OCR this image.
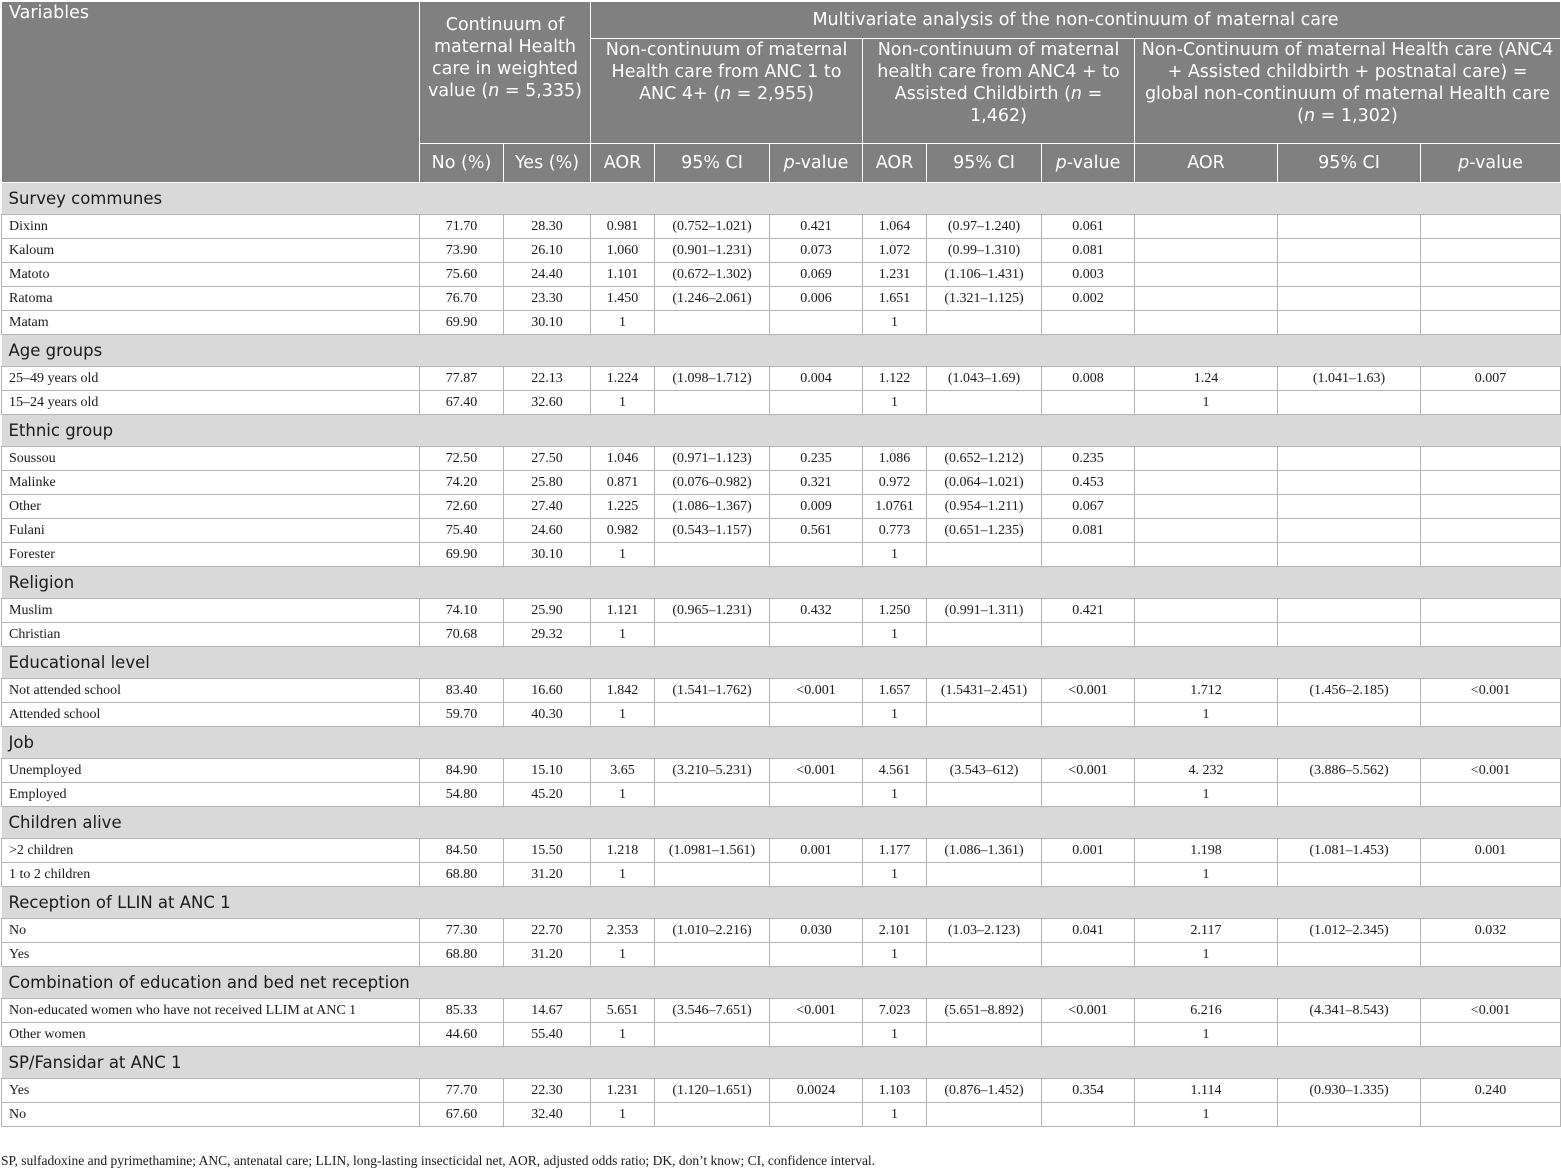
Variables	Continuum of maternal Health care in weighted value (n = 5,335)		Multivariate analysis of the non-continuum of maternal care								
			Non-continuum of maternal Health care from ANC 1 to ANC 4+ (n = 2,955)			Non-continuum of maternal health care from ANC4 + to Assisted Childbirth (n = 1,462)			Non-Continuum of maternal Health care (ANC4 + Assisted childbirth + postnatal care) = global non-continuum of maternal Health care (n = 1,302)		
	No (%)	Yes (%)	AOR	95% CI	p-value	AOR	95% CI	p-value	AOR	95% CI	p-value
Survey communes											
Dixinn	71.70	28.30	0.981	(0.752–1.021)	0.421	1.064	(0.97–1.240)	0.061			
Kaloum	73.90	26.10	1.060	(0.901–1.231)	0.073	1.072	(0.99–1.310)	0.081			
Matoto	75.60	24.40	1.101	(0.672–1.302)	0.069	1.231	(1.106–1.431)	0.003			
Ratoma	76.70	23.30	1.450	(1.246–2.061)	0.006	1.651	(1.321–1.125)	0.002			
Matam	69.90	30.10	1			1					
Age groups											
25–49 years old	77.87	22.13	1.224	(1.098–1.712)	0.004	1.122	(1.043–1.69)	0.008	1.24	(1.041–1.63)	0.007
15–24 years old	67.40	32.60	1			1			1		
Ethnic group											
Soussou	72.50	27.50	1.046	(0.971–1.123)	0.235	1.086	(0.652–1.212)	0.235			
Malinke	74.20	25.80	0.871	(0.076–0.982)	0.321	0.972	(0.064–1.021)	0.453			
Other	72.60	27.40	1.225	(1.086–1.367)	0.009	1.0761	(0.954–1.211)	0.067			
Fulani	75.40	24.60	0.982	(0.543–1.157)	0.561	0.773	(0.651–1.235)	0.081			
Forester	69.90	30.10	1			1					
Religion											
Muslim	74.10	25.90	1.121	(0.965–1.231)	0.432	1.250	(0.991–1.311)	0.421			
Christian	70.68	29.32	1			1					
Educational level											
Not attended school	83.40	16.60	1.842	(1.541–1.762)	<0.001	1.657	(1.5431–2.451)	<0.001	1.712	(1.456–2.185)	<0.001
Attended school	59.70	40.30	1			1			1		
Job											
Unemployed	84.90	15.10	3.65	(3.210–5.231)	<0.001	4.561	(3.543–612)	<0.001	4. 232	(3.886–5.562)	<0.001
Employed	54.80	45.20	1			1			1		
Children alive											
>2 children	84.50	15.50	1.218	(1.0981–1.561)	0.001	1.177	(1.086–1.361)	0.001	1.198	(1.081–1.453)	0.001
1 to 2 children	68.80	31.20	1			1			1		
Reception of LLIN at ANC 1											
No	77.30	22.70	2.353	(1.010–2.216)	0.030	2.101	(1.03–2.123)	0.041	2.117	(1.012–2.345)	0.032
Yes	68.80	31.20	1			1			1		
Combination of education and bed net reception											
Non-educated women who have not received LLIM at ANC 1	85.33	14.67	5.651	(3.546–7.651)	<0.001	7.023	(5.651–8.892)	<0.001	6.216	(4.341–8.543)	<0.001
Other women	44.60	55.40	1			1			1		
SP/Fansidar at ANC 1											
Yes	77.70	22.30	1.231	(1.120–1.651)	0.0024	1.103	(0.876–1.452)	0.354	1.114	(0.930–1.335)	0.240
No	67.60	32.40	1			1			1		
SP, sulfadoxine and pyrimethamine; ANC, antenatal care; LLIN, long-lasting insecticidal net, AOR, adjusted odds ratio; DK, don’t know; CI, confidence interval.
